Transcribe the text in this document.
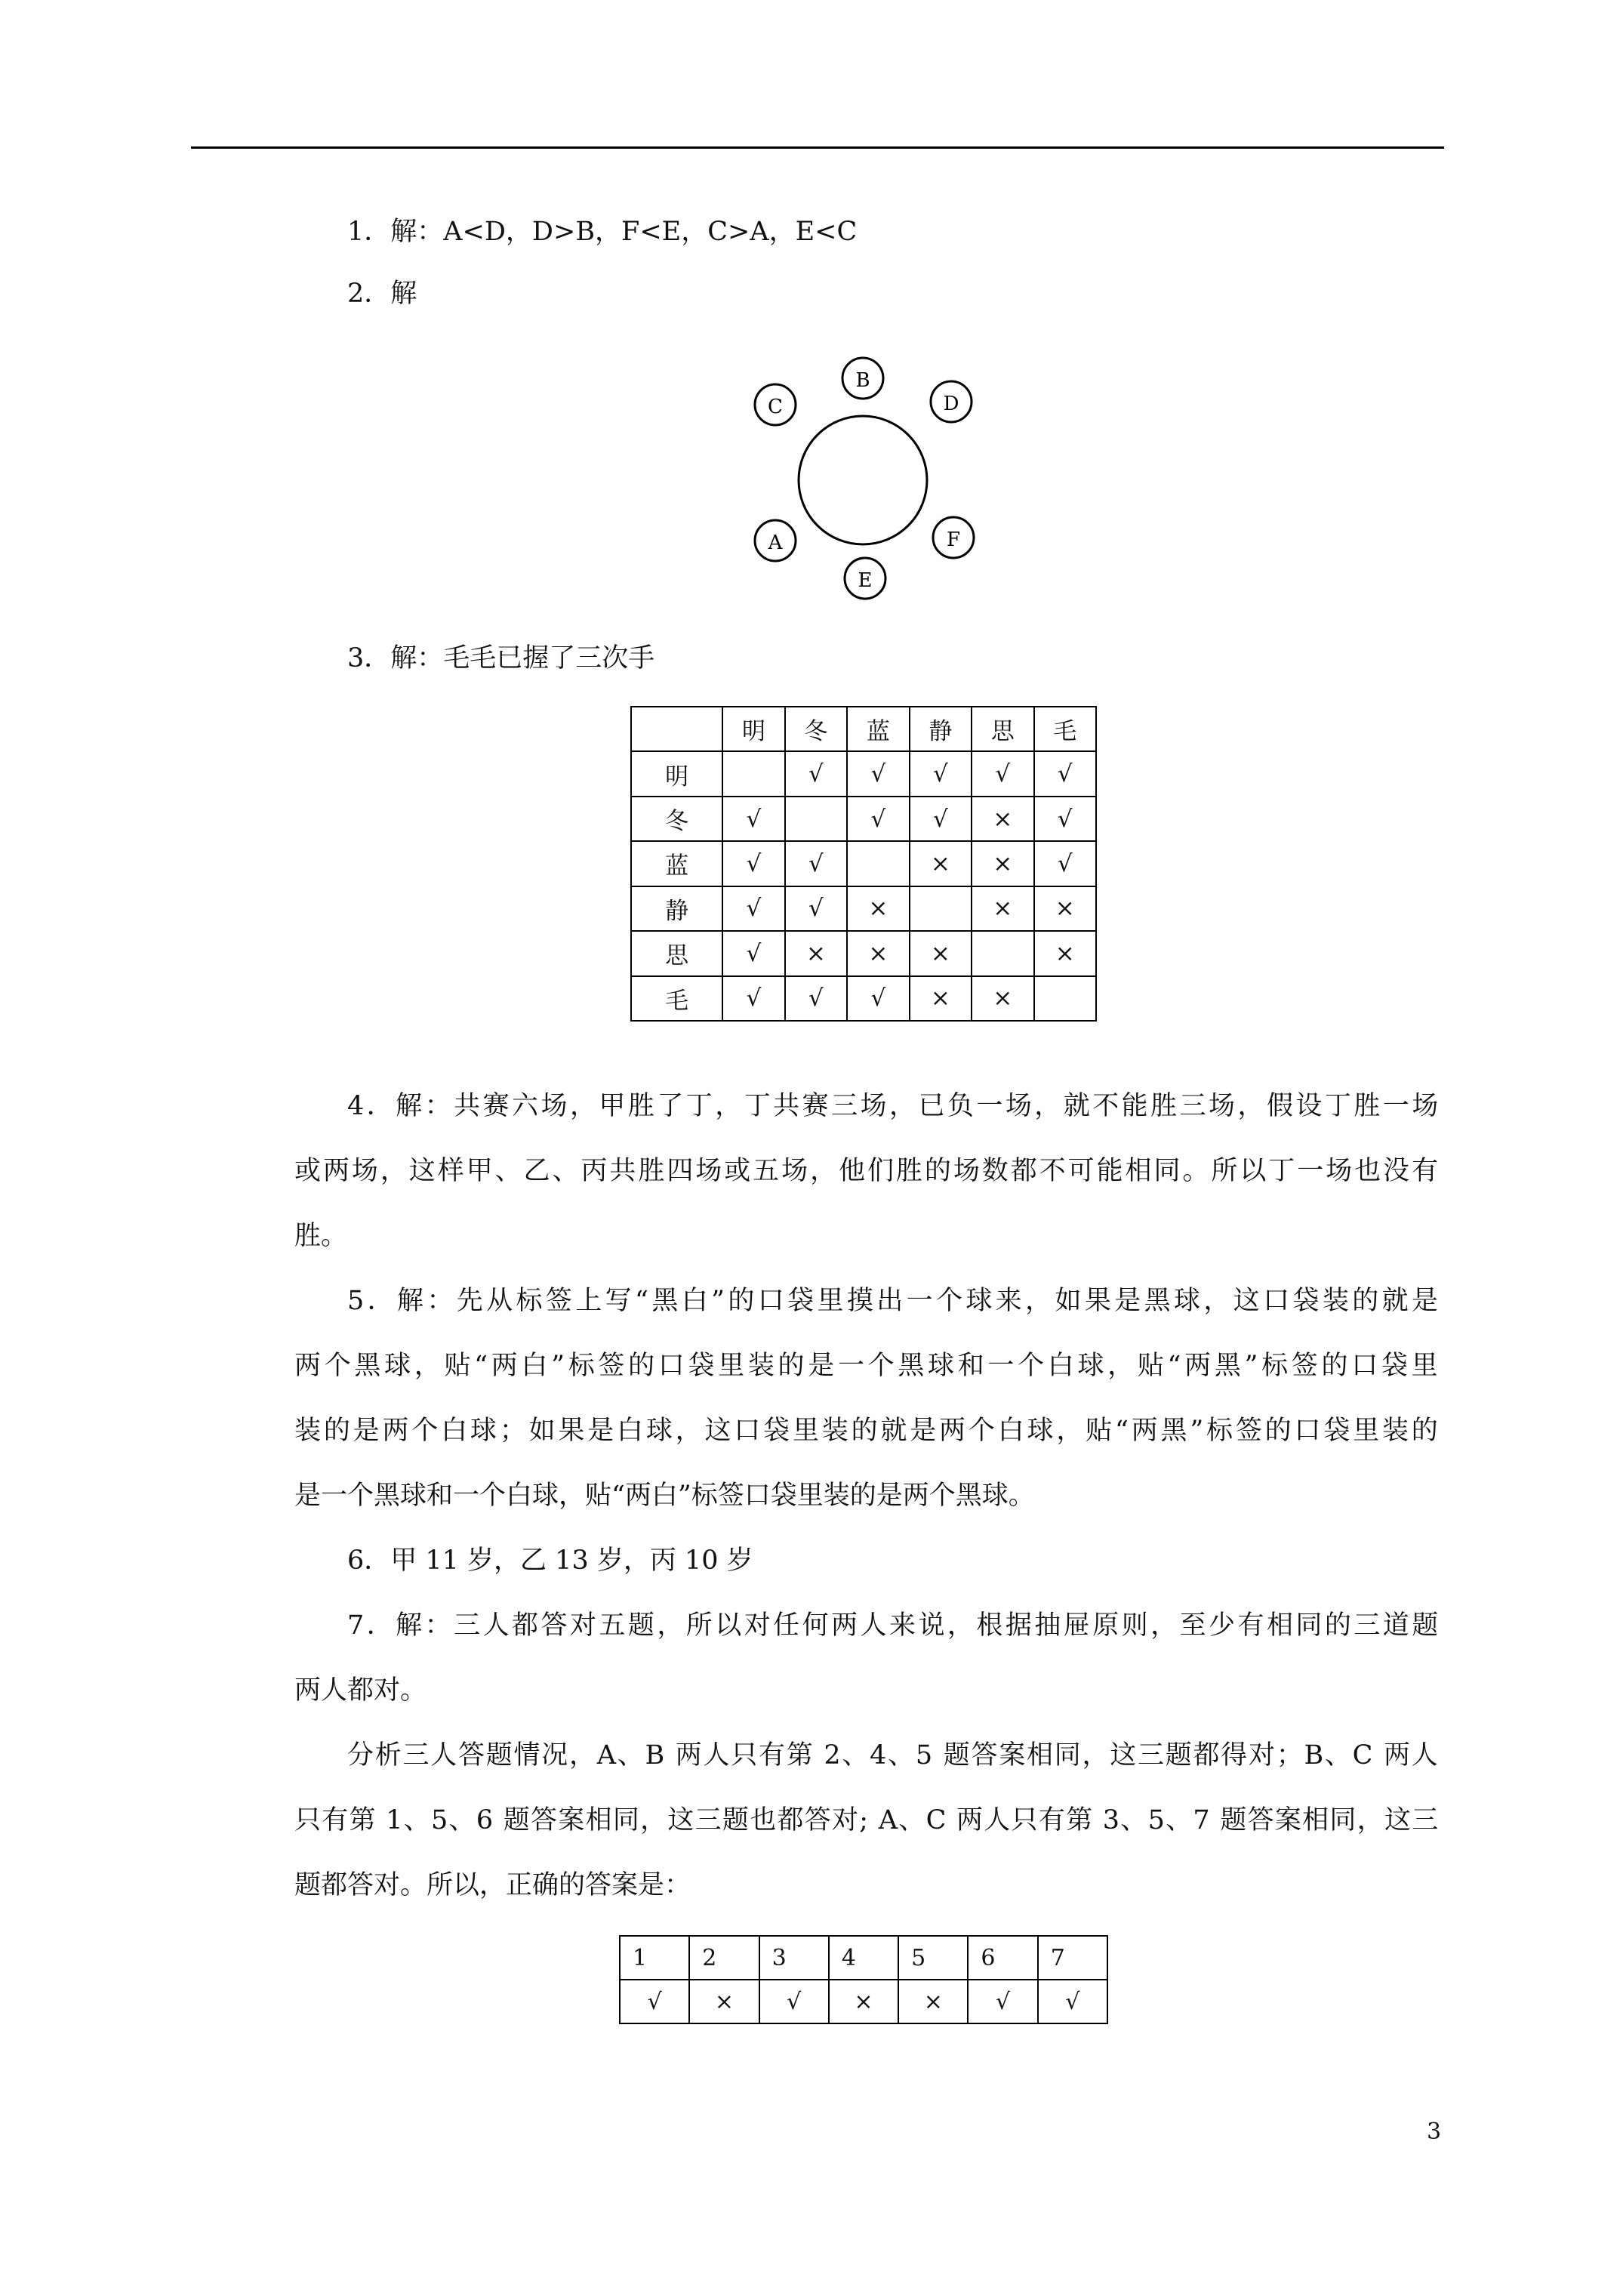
1．解：A<D，D>B，F<E，C>A，E<C
2．解
B
D
C
A	F
E
3．解：毛毛已握了三次手
	明	冬	蓝	静	思	毛
明		√	√	√	√	√
冬	√		√	√	×	√
蓝	√	√		×	×	√
静	√	√	×		×	×
思	√	×	×	×		×
毛	√	√	√	×	×	
4．解：共赛六场，甲胜了丁，丁共赛三场，已负一场，就不能胜三场，假设丁胜一场
或两场，这样甲、乙、丙共胜四场或五场，他们胜的场数都不可能相同。所以丁一场也没有
胜。
5．解：先从标签上写“黑白”的口袋里摸出一个球来，如果是黑球，这口袋装的就是
两个黑球，贴“两白”标签的口袋里装的是一个黑球和一个白球，贴“两黑”标签的口袋里
装的是两个白球；如果是白球，这口袋里装的就是两个白球，贴“两黑”标签的口袋里装的
是一个黑球和一个白球，贴“两白”标签口袋里装的是两个黑球。
6．甲 11 岁，乙 13 岁，丙 10 岁
7．解：三人都答对五题，所以对任何两人来说，根据抽屉原则，至少有相同的三道题
两人都对。
分析三人答题情况，A、B 两人只有第 2、4、5 题答案相同，这三题都得对；B、C 两人
只有第 1、5、6 题答案相同，这三题也都答对; A、C 两人只有第 3、5、7 题答案相同，这三
题都答对。所以，正确的答案是：
1	2	3	4	5	6	7
√	×	√	×	×	√	√
3
